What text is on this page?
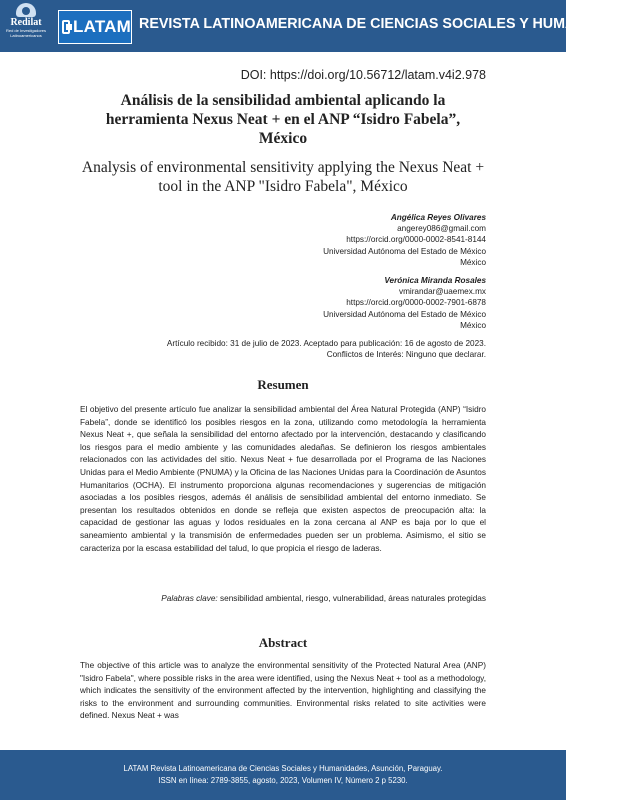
Redilat
Red de Investigadores Latinoamericanos	LATAM REVISTA LATINOAMERICANA DE CIENCIAS SOCIALES Y HUMANIDADES
DOI: https://doi.org/10.56712/latam.v4i2.978
Análisis de la sensibilidad ambiental aplicando la herramienta Nexus Neat + en el ANP “Isidro Fabela”, México
Analysis of environmental sensitivity applying the Nexus Neat + tool in the ANP "Isidro Fabela", México
Angélica Reyes Olivares
angerey086@gmail.com
https://orcid.org/0000-0002-8541-8144
Universidad Autónoma del Estado de México
México
Verónica Miranda Rosales
vmirandar@uaemex.mx
https://orcid.org/0000-0002-7901-6878
Universidad Autónoma del Estado de México
México
Artículo recibido: 31 de julio de 2023. Aceptado para publicación: 16 de agosto de 2023.
Conflictos de Interés: Ninguno que declarar.
Resumen
El objetivo del presente artículo fue analizar la sensibilidad ambiental del Área Natural Protegida (ANP) “Isidro Fabela”, donde se identificó los posibles riesgos en la zona, utilizando como metodología la herramienta Nexus Neat +, que señala la sensibilidad del entorno afectado por la intervención, destacando y clasificando los riesgos para el medio ambiente y las comunidades aledañas. Se definieron los riesgos ambientales relacionados con las actividades del sitio. Nexus Neat + fue desarrollada por el Programa de las Naciones Unidas para el Medio Ambiente (PNUMA) y la Oficina de las Naciones Unidas para la Coordinación de Asuntos Humanitarios (OCHA). El instrumento proporciona algunas recomendaciones y sugerencias de mitigación asociadas a los posibles riesgos, además él análisis de sensibilidad ambiental del entorno inmediato. Se presentan los resultados obtenidos en donde se refleja que existen aspectos de preocupación alta: la capacidad de gestionar las aguas y lodos residuales en la zona cercana al ANP es baja por lo que el saneamiento ambiental y la transmisión de enfermedades pueden ser un problema. Asimismo, el sitio se caracteriza por la escasa estabilidad del talud, lo que propicia el riesgo de laderas.
Palabras clave: sensibilidad ambiental, riesgo, vulnerabilidad, áreas naturales protegidas
Abstract
The objective of this article was to analyze the environmental sensitivity of the Protected Natural Area (ANP) "Isidro Fabela", where possible risks in the area were identified, using the Nexus Neat + tool as a methodology, which indicates the sensitivity of the environment affected by the intervention, highlighting and classifying the risks to the environment and surrounding communities. Environmental risks related to site activities were defined. Nexus Neat + was
LATAM Revista Latinoamericana de Ciencias Sociales y Humanidades, Asunción, Paraguay.
ISSN en línea: 2789-3855, agosto, 2023, Volumen IV, Número 2 p 5230.
